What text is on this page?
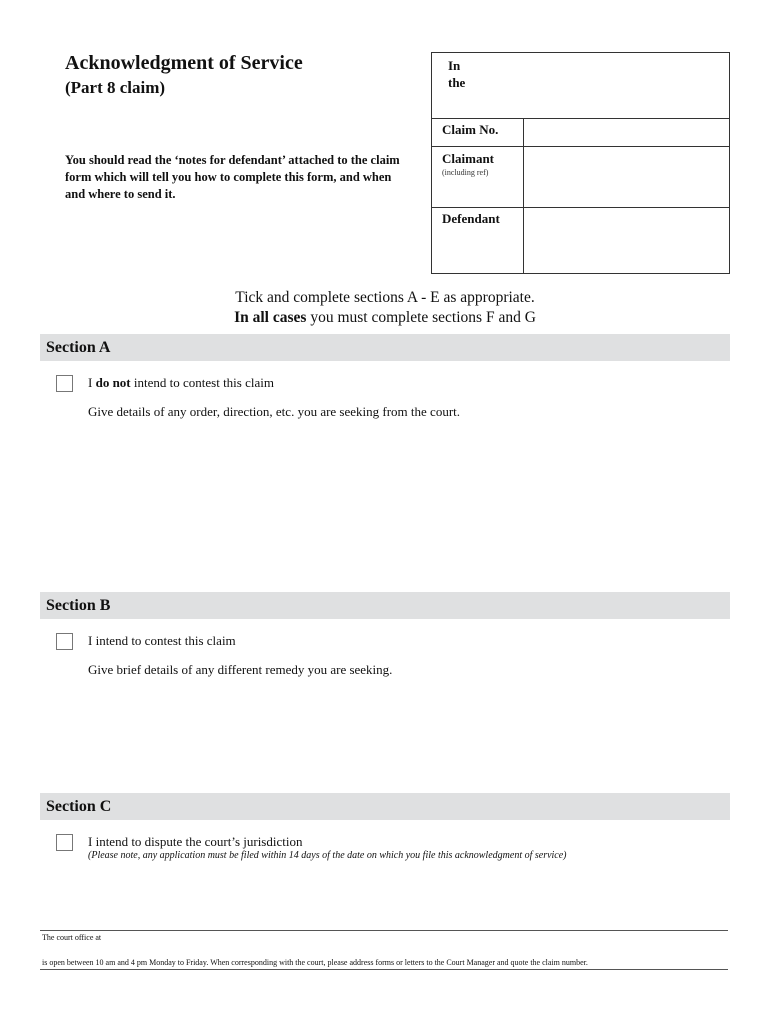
Acknowledgment of Service
(Part 8 claim)
You should read the ‘notes for defendant’ attached to the claim form which will tell you how to complete this form, and when and where to send it.
In
the
Claim No.
Claimant
(including ref)
Defendant
Tick and complete sections A - E as appropriate.
In all cases you must complete sections F and G
Section A
I do not intend to contest this claim
Give details of any order, direction, etc. you are seeking from the court.
Section B
I intend to contest this claim
Give brief details of any different remedy you are seeking.
Section C
I intend to dispute the court’s jurisdiction
(Please note, any application must be filed within 14 days of the date on which you file this acknowledgment of service)
The court office at
is open between 10 am and 4 pm Monday to Friday. When corresponding with the court, please address forms or letters to the Court Manager and quote the claim number.
